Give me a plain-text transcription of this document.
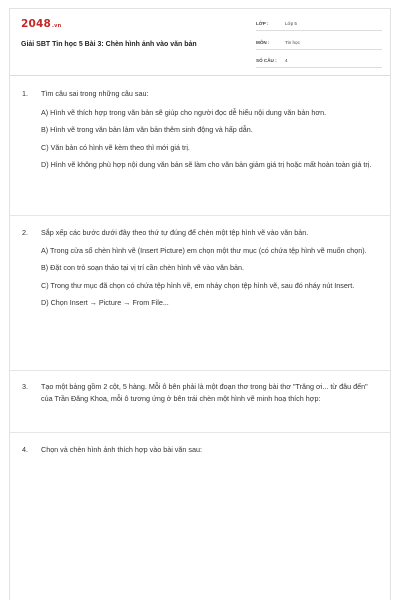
2048.vn
Giải SBT Tin học 5 Bài 3: Chèn hình ảnh vào văn bản
LỚP :	Lớp 5
MÔN :	Tin học
SỐ CÂU : 4
1. Tìm câu sai trong những câu sau:
A) Hình vẽ thích hợp trong văn bản sẽ giúp cho người đọc dễ hiểu nội dung văn bản hơn.
B) Hình vẽ trong văn bản làm văn bản thêm sinh động và hấp dẫn.
C) Văn bản có hình vẽ kèm theo thì mới giá trị.
D) Hình vẽ không phù hợp nội dung văn bản sẽ làm cho văn bản giảm giá trị hoặc mất hoàn toàn giá trị.
2. Sắp xếp các bước dưới đây theo thứ tự đúng để chèn một tệp hình vẽ vào văn bản.
A) Trong cửa sổ chèn hình vẽ (Insert Picture) em chọn một thư mục (có chứa tệp hình vẽ muốn chọn).
B) Đặt con trỏ soạn thảo tại vị trí cần chèn hình vẽ vào văn bản.
C) Trong thư mục đã chọn có chứa tệp hình vẽ, em nháy chọn tệp hình vẽ, sau đó nháy nút Insert.
D) Chọn Insert → Picture → From File...
3. Tạo một bảng gồm 2 cột, 5 hàng. Mỗi ô bên phải là một đoạn thơ trong bài thơ "Trăng ơi... từ đâu đến" của Trần Đăng Khoa, mỗi ô tương ứng ở bên trái chèn một hình vẽ minh hoạ thích hợp:
4. Chọn và chèn hình ảnh thích hợp vào bài văn sau:
